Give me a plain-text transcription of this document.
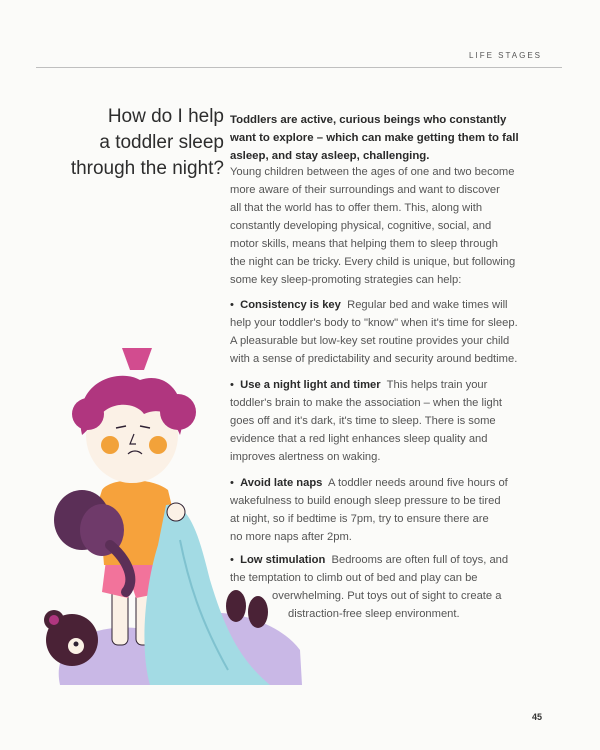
LIFE STAGES
How do I help
a toddler sleep
through the night?

Toddlers are active, curious beings who constantly
want to explore – which can make getting them to fall
asleep, and stay asleep, challenging.

Young children between the ages of one and two become
more aware of their surroundings and want to discover
all that the world has to offer them. This, along with
constantly developing physical, cognitive, social, and
motor skills, means that helping them to sleep through
the night can be tricky. Every child is unique, but following
some key sleep-promoting strategies can help:

• Consistency is key Regular bed and wake times will
help your toddler's body to "know" when it's time for sleep.
A pleasurable but low-key set routine provides your child
with a sense of predictability and security around bedtime.

• Use a night light and timer This helps train your
toddler's brain to make the association – when the light
goes off and it's dark, it's time to sleep. There is some
evidence that a red light enhances sleep quality and
improves alertness on waking.

• Avoid late naps A toddler needs around five hours of
wakefulness to build enough sleep pressure to be tired
at night, so if bedtime is 7pm, try to ensure there are
no more naps after 2pm.

• Low stimulation Bedrooms are often full of toys, and
the temptation to climb out of bed and play can be
overwhelming. Put toys out of sight to create a
distraction-free sleep environment.

45
